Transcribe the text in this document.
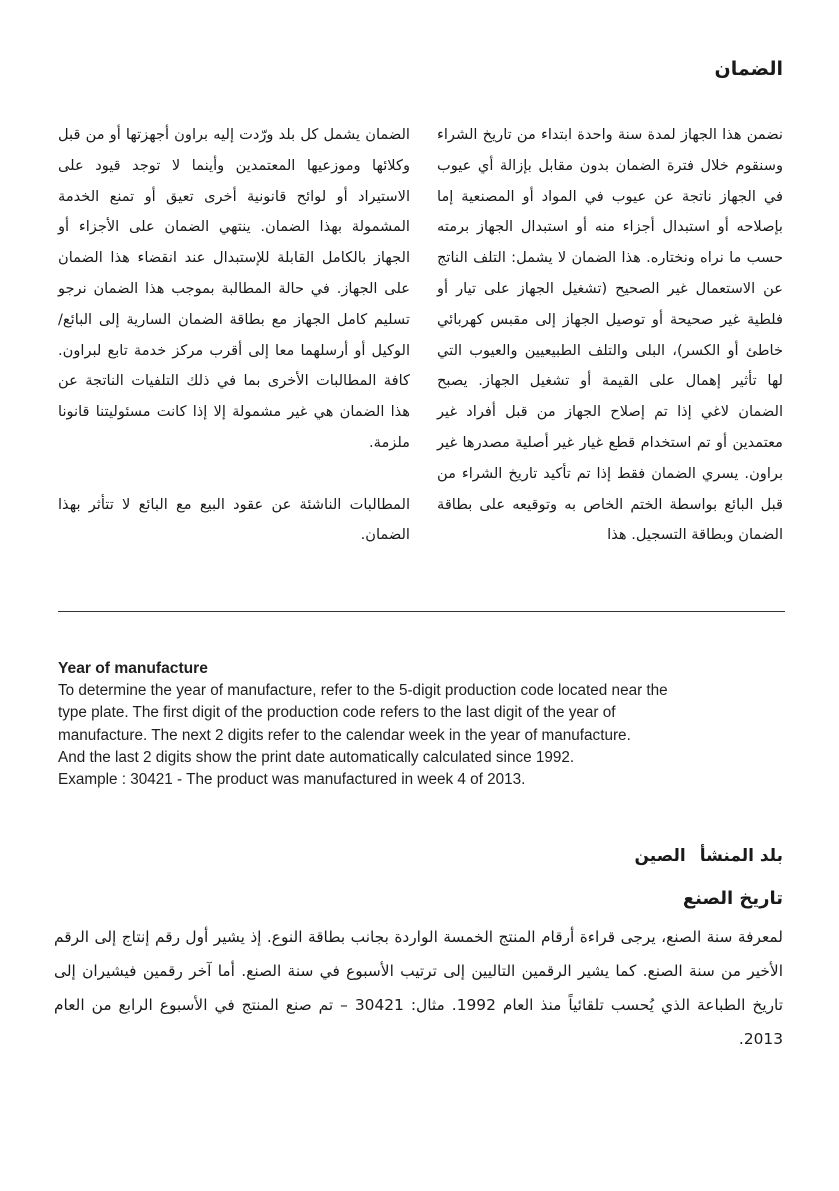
الضمان

نضمن هذا الجهاز لمدة سنة واحدة ابتداء من تاريخ الشراء وسنقوم خلال فترة الضمان بدون مقابل بإزالة أي عيوب في الجهاز ناتجة عن عيوب في المواد أو المصنعية إما بإصلاحه أو استبدال أجزاء منه أو استبدال الجهاز برمته حسب ما نراه ونختاره. هذا الضمان لا يشمل: التلف الناتج عن الاستعمال غير الصحيح (تشغيل الجهاز على تيار أو فلطية غير صحيحة أو توصيل الجهاز إلى مقبس كهربائي خاطئ أو الكسر)، البلى والتلف الطبيعيين والعيوب التي لها تأثير إهمال على القيمة أو تشغيل الجهاز. يصبح الضمان لاغي إذا تم إصلاح الجهاز من قبل أفراد غير معتمدين أو تم استخدام قطع غيار غير أصلية مصدرها غير براون. يسري الضمان فقط إذا تم تأكيد تاريخ الشراء من قبل البائع بواسطة الختم الخاص به وتوقيعه على بطاقة الضمان وبطاقة التسجيل. هذا

الضمان يشمل كل بلد ورّدت إليه براون أجهزتها أو من قبل وكلائها وموزعيها المعتمدين وأينما لا توجد قيود على الاستيراد أو لوائح قانونية أخرى تعيق أو تمنع الخدمة المشمولة بهذا الضمان. ينتهي الضمان على الأجزاء أو الجهاز بالكامل القابلة للإستبدال عند انقضاء هذا الضمان على الجهاز. في حالة المطالبة بموجب هذا الضمان نرجو تسليم كامل الجهاز مع بطاقة الضمان السارية إلى البائع/الوكيل أو أرسلهما معا إلى أقرب مركز خدمة تابع لبراون. كافة المطالبات الأخرى بما في ذلك التلفيات الناتجة عن هذا الضمان هي غير مشمولة إلا إذا كانت مسئوليتنا قانونا ملزمة.
المطالبات الناشئة عن عقود البيع مع البائع لا تتأثر بهذا الضمان.

Year of manufacture

To determine the year of manufacture, refer to the 5-digit production code located near the

type plate. The first digit of the production code refers to the last digit of the year of

manufacture. The next 2 digits refer to the calendar week in the year of manufacture.

And the last 2 digits show the print date automatically calculated since 1992.

Example : 30421 - The product was manufactured in week 4 of 2013.

بلد المنشأالصين

تاريخ الصنع

لمعرفة سنة الصنع، يرجى قراءة أرقام المنتج الخمسة الواردة بجانب بطاقة النوع. إذ يشير أول رقم إنتاج إلى الرقم الأخير من سنة الصنع. كما يشير الرقمين التاليين إلى ترتيب الأسبوع في سنة الصنع. أما آخر رقمين فيشيران إلى تاريخ الطباعة الذي يُحسب تلقائياً منذ العام 1992. مثال: 30421 – تم صنع المنتج في الأسبوع الرابع من العام 2013.
